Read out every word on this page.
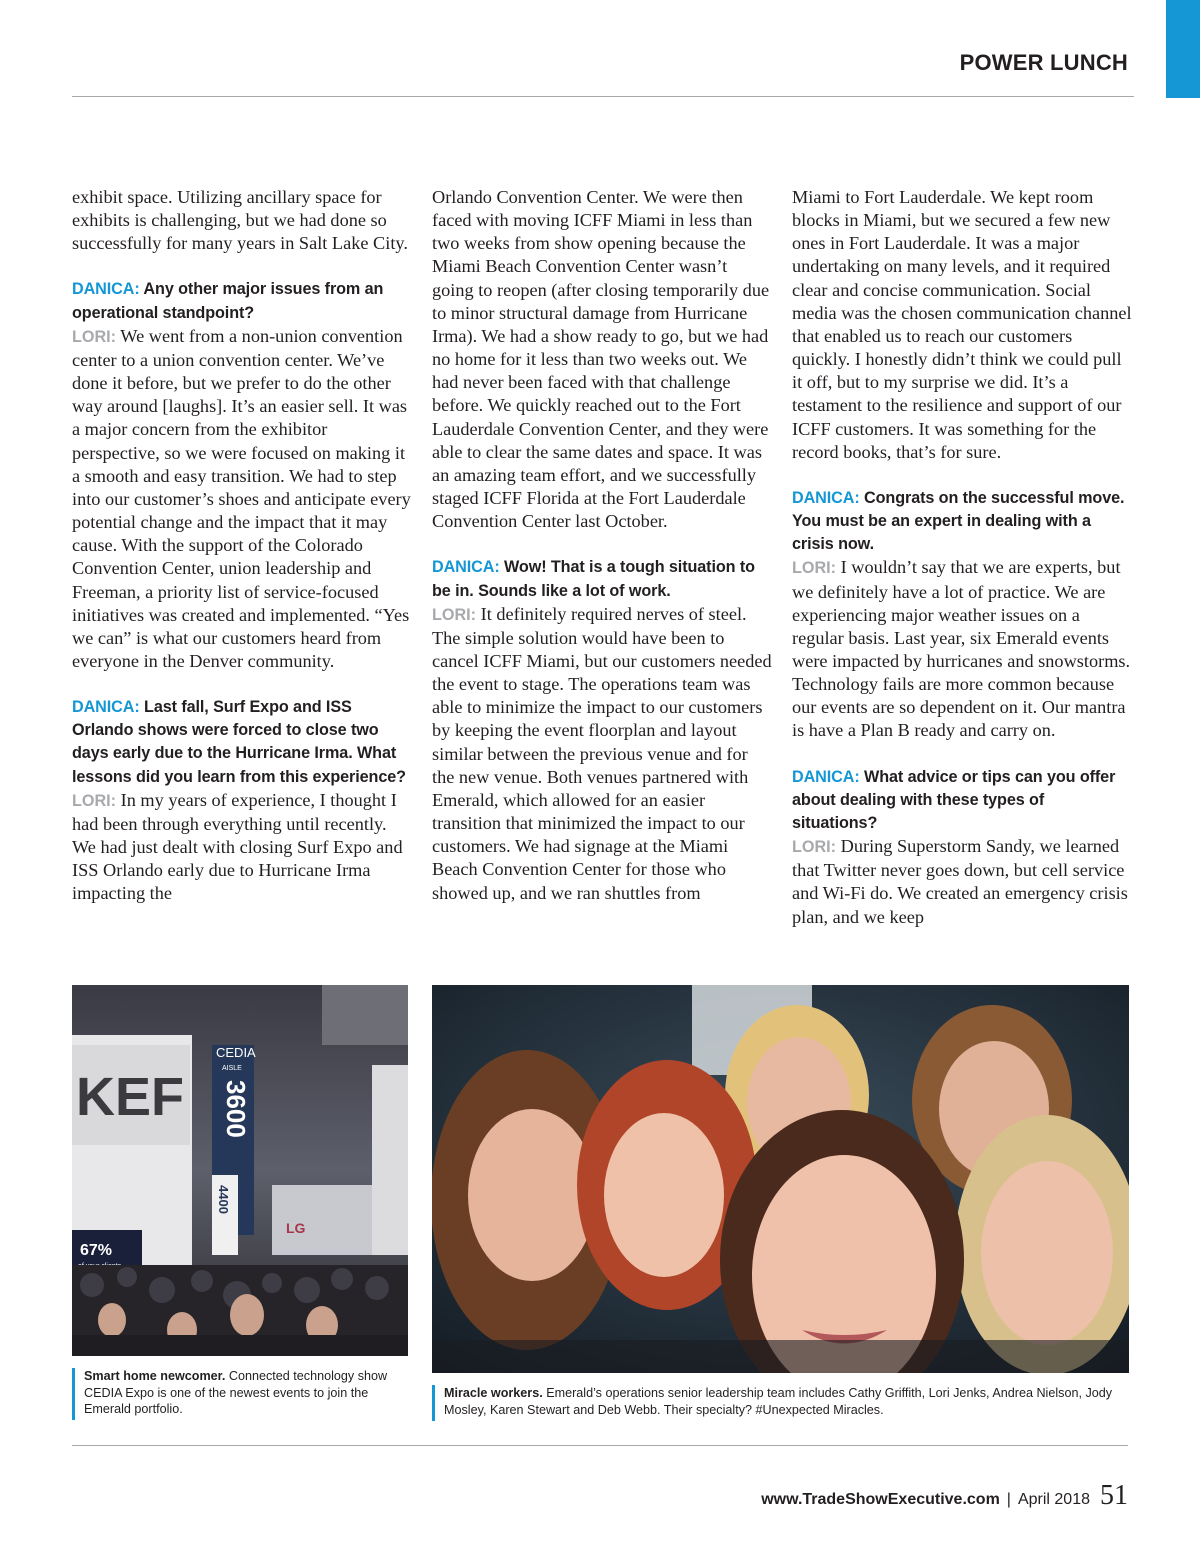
POWER LUNCH

exhibit space. Utilizing ancillary space for exhibits is challenging, but we had done so successfully for many years in Salt Lake City.

DANICA: Any other major issues from an operational standpoint?

LORI: We went from a non-union convention center to a union convention center. We’ve done it before, but we prefer to do the other way around [laughs]. It’s an easier sell. It was a major concern from the exhibitor perspective, so we were focused on making it a smooth and easy transition. We had to step into our customer’s shoes and anticipate every potential change and the impact that it may cause. With the support of the Colorado Convention Center, union leadership and Freeman, a priority list of service-focused initiatives was created and implemented. “Yes we can” is what our customers heard from everyone in the Denver community.

DANICA: Last fall, Surf Expo and ISS Orlando shows were forced to close two days early due to the Hurricane Irma. What lessons did you learn from this experience?

LORI: In my years of experience, I thought I had been through everything until recently. We had just dealt with closing Surf Expo and ISS Orlando early due to Hurricane Irma impacting the

Orlando Convention Center. We were then faced with moving ICFF Miami in less than two weeks from show opening because the Miami Beach Convention Center wasn’t going to reopen (after closing temporarily due to minor structural damage from Hurricane Irma). We had a show ready to go, but we had no home for it less than two weeks out. We had never been faced with that challenge before. We quickly reached out to the Fort Lauderdale Convention Center, and they were able to clear the same dates and space. It was an amazing team effort, and we successfully staged ICFF Florida at the Fort Lauderdale Convention Center last October.

DANICA: Wow! That is a tough situation to be in. Sounds like a lot of work.

LORI: It definitely required nerves of steel. The simple solution would have been to cancel ICFF Miami, but our customers needed the event to stage. The operations team was able to minimize the impact to our customers by keeping the event floorplan and layout similar between the previous venue and for the new venue. Both venues partnered with Emerald, which allowed for an easier transition that minimized the impact to our customers. We had signage at the Miami Beach Convention Center for those who showed up, and we ran shuttles from

Miami to Fort Lauderdale. We kept room blocks in Miami, but we secured a few new ones in Fort Lauderdale. It was a major undertaking on many levels, and it required clear and concise communication. Social media was the chosen communication channel that enabled us to reach our customers quickly. I honestly didn’t think we could pull it off, but to my surprise we did. It’s a testament to the resilience and support of our ICFF customers. It was something for the record books, that’s for sure.

DANICA: Congrats on the successful move. You must be an expert in dealing with a crisis now.

LORI: I wouldn’t say that we are experts, but we definitely have a lot of practice. We are experiencing major weather issues on a regular basis. Last year, six Emerald events were impacted by hurricanes and snowstorms. Technology fails are more common because our events are so dependent on it. Our mantra is have a Plan B ready and carry on.

DANICA: What advice or tips can you offer about dealing with these types of situations?

LORI: During Superstorm Sandy, we learned that Twitter never goes down, but cell service and Wi-Fi do. We created an emergency crisis plan, and we keep

KEF
67%
CEDIA
AISLE
3600
4400
LG
Smart home newcomer. Connected technology show CEDIA Expo is one of the newest events to join the Emerald portfolio.
Miracle workers. Emerald’s operations senior leadership team includes Cathy Griffith, Lori Jenks, Andrea Nielson, Jody Mosley, Karen Stewart and Deb Webb. Their specialty? #Unexpected Miracles.
www.TradeShowExecutive.com | April 2018 51
